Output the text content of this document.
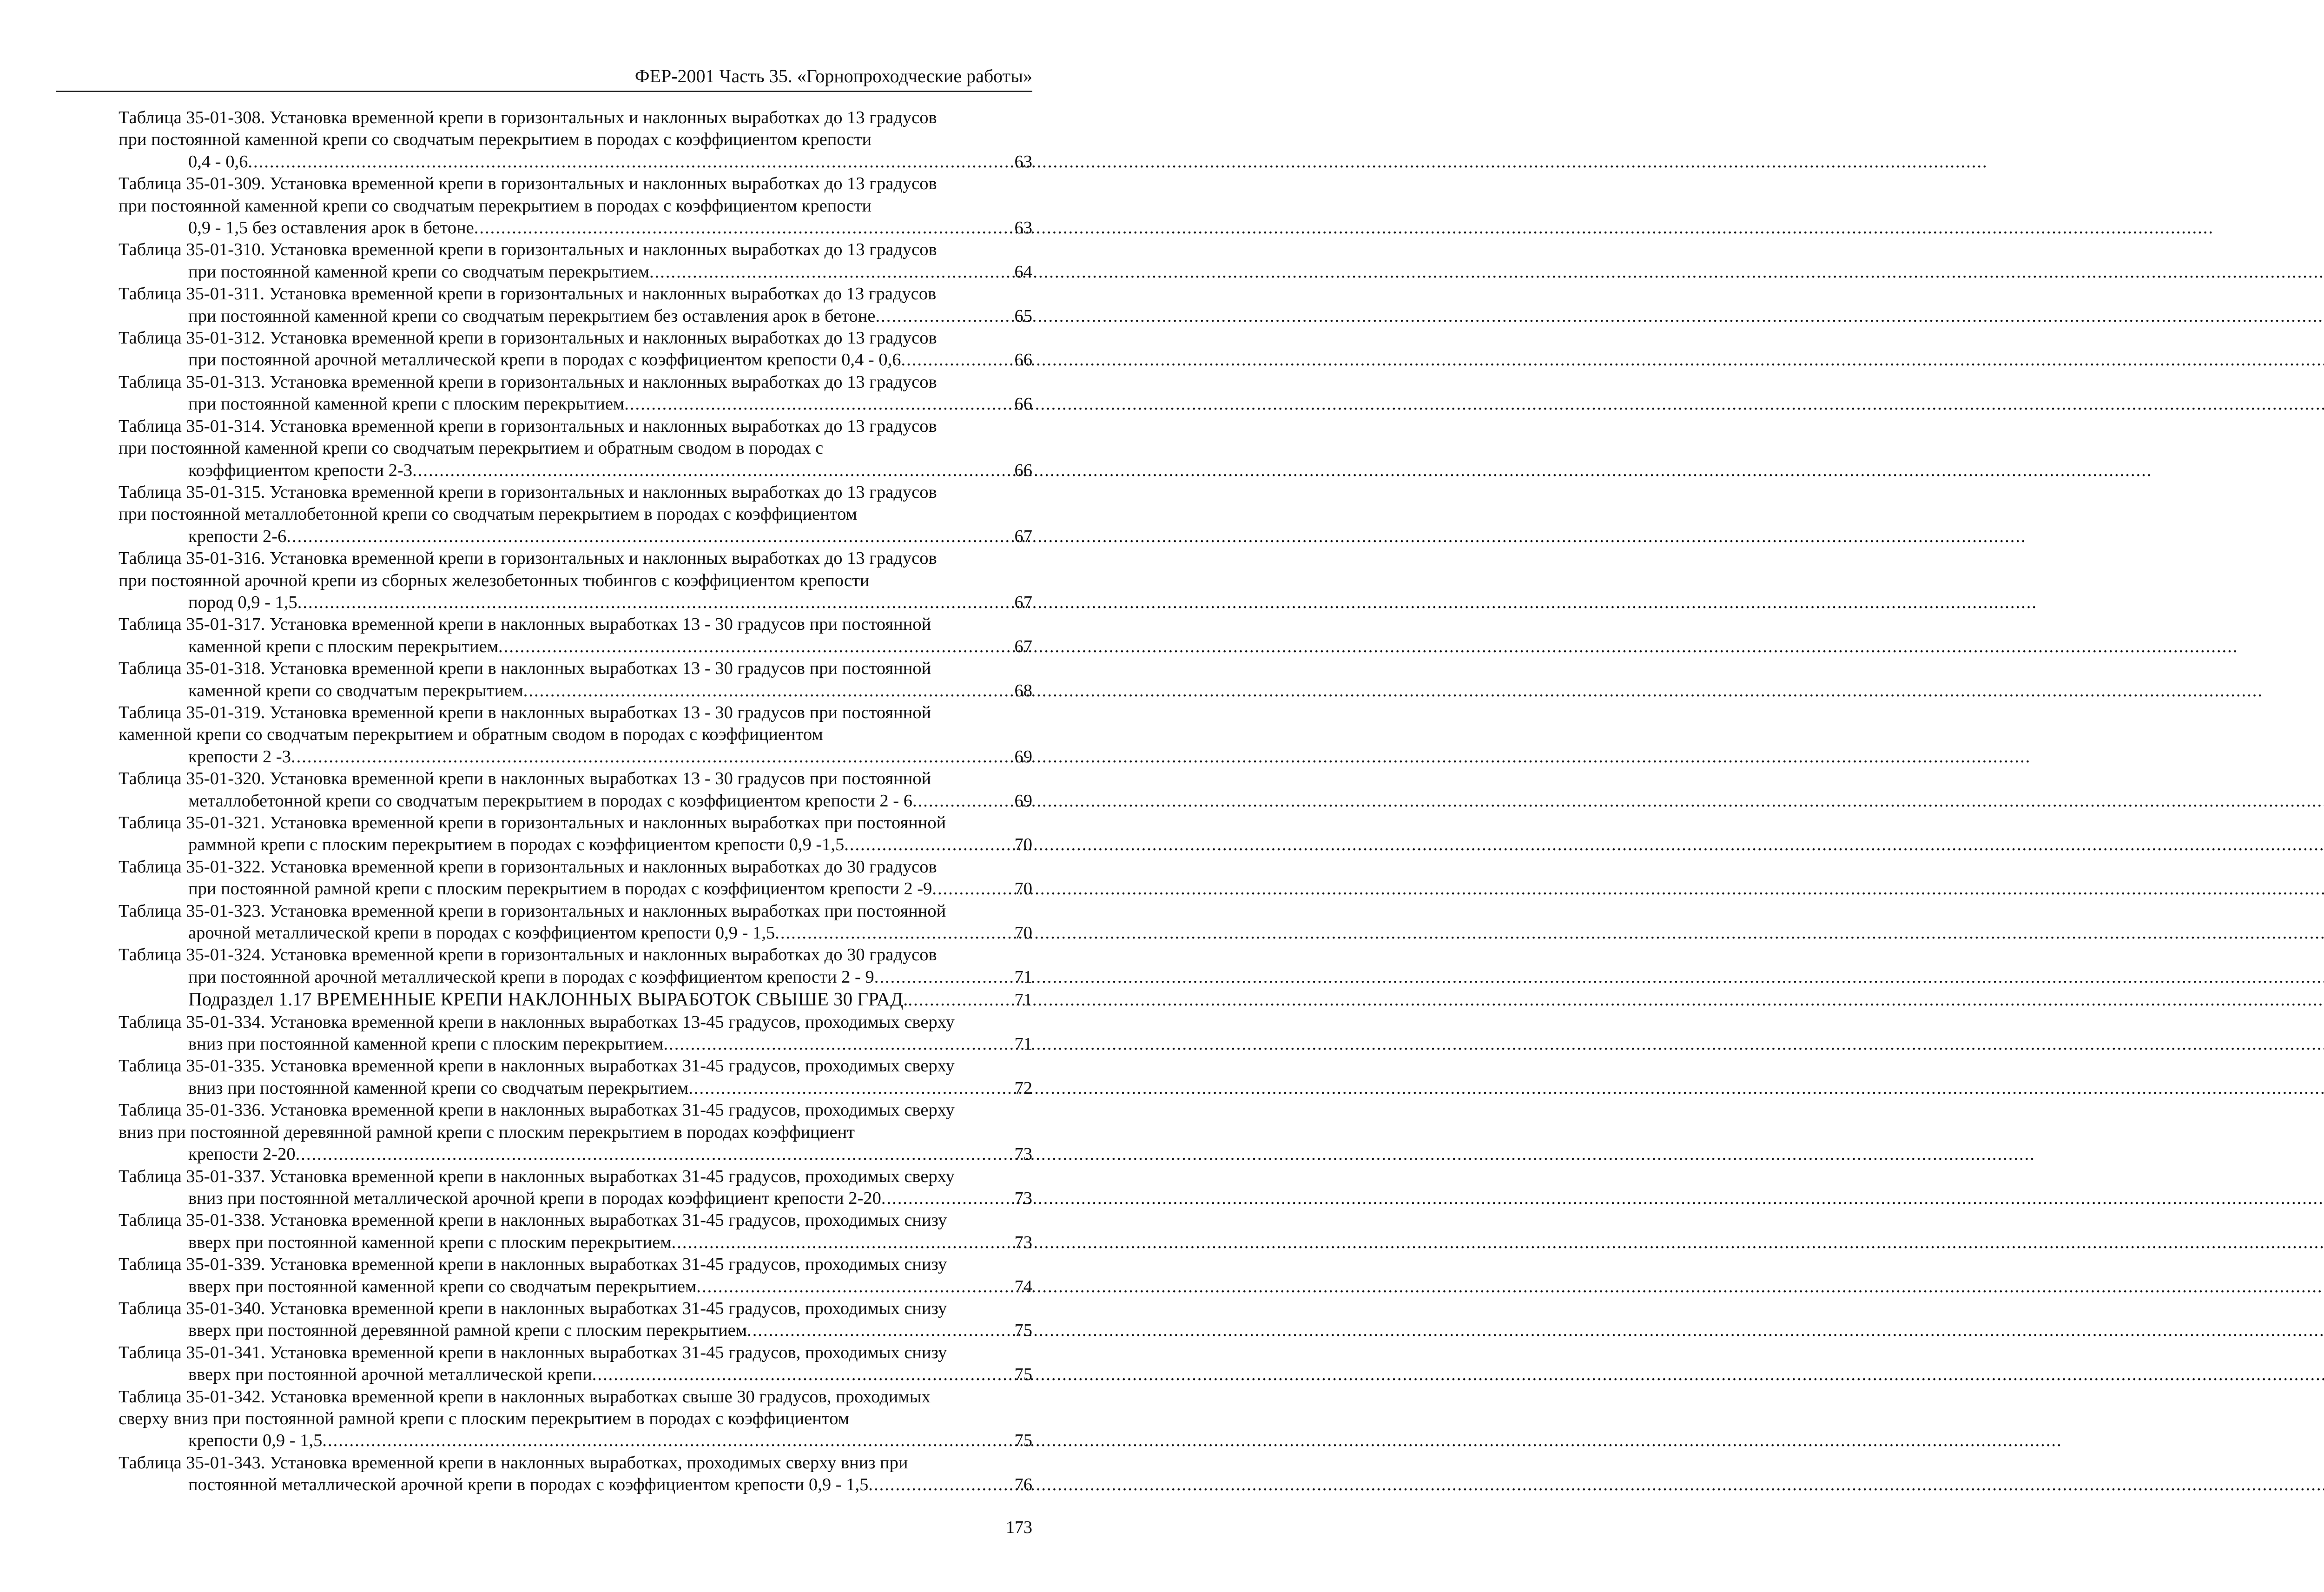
ФЕР-2001 Часть 35. «Горнопроходческие работы»
Таблица 35-01-308. Установка временной крепи в горизонтальных и наклонных выработках до 13 градусов
при постоянной каменной крепи со сводчатым перекрытием в породах с коэффициентом крепости
0,4 - 0,6 .....	63
Таблица 35-01-309. Установка временной крепи в горизонтальных и наклонных выработках до 13 градусов
при постоянной каменной крепи со сводчатым перекрытием в породах с коэффициентом крепости
0,9 - 1,5 без оставления арок в бетоне .....	63
Таблица 35-01-310. Установка временной крепи в горизонтальных и наклонных выработках до 13 градусов
при постоянной каменной крепи со сводчатым перекрытием .....	64
Таблица 35-01-311. Установка временной крепи в горизонтальных и наклонных выработках до 13 градусов
при постоянной каменной крепи со сводчатым перекрытием без оставления арок в бетоне .....	65
Таблица 35-01-312. Установка временной крепи в горизонтальных и наклонных выработках до 13 градусов
при постоянной арочной металлической крепи в породах с коэффициентом крепости 0,4 - 0,6 .....	66
Таблица 35-01-313. Установка временной крепи в горизонтальных и наклонных выработках до 13 градусов
при постоянной каменной крепи с плоским перекрытием .....	66
Таблица 35-01-314. Установка временной крепи в горизонтальных и наклонных выработках до 13 градусов
при постоянной каменной крепи со сводчатым перекрытием и обратным сводом в породах с
коэффициентом крепости 2-3 .....	66
Таблица 35-01-315. Установка временной крепи в горизонтальных и наклонных выработках до 13 градусов
при постоянной металлобетонной крепи со сводчатым перекрытием в породах с коэффициентом
крепости 2-6 .....	67
Таблица 35-01-316. Установка временной крепи в горизонтальных и наклонных выработках до 13 градусов
при постоянной арочной крепи из сборных железобетонных тюбингов с коэффициентом крепости
пород 0,9 - 1,5 .....	67
Таблица 35-01-317. Установка временной крепи в наклонных выработках 13 - 30 градусов при постоянной
каменной крепи с плоским перекрытием .....	67
Таблица 35-01-318. Установка временной крепи в наклонных выработках 13 - 30 градусов при постоянной
каменной крепи со сводчатым перекрытием .....	68
Таблица 35-01-319. Установка временной крепи в наклонных выработках 13 - 30 градусов при постоянной
каменной крепи со сводчатым перекрытием и обратным сводом в породах с коэффициентом
крепости 2 -3 .....	69
Таблица 35-01-320. Установка временной крепи в наклонных выработках 13 - 30 градусов при постоянной
металлобетонной крепи со сводчатым перекрытием в породах с коэффициентом крепости 2 - 6 .....	69
Таблица 35-01-321. Установка временной крепи в горизонтальных и наклонных выработках при постоянной
раммной крепи с плоским перекрытием в породах с коэффициентом крепости 0,9 -1,5 .....	70
Таблица 35-01-322. Установка временной крепи в горизонтальных и наклонных выработках до 30 градусов
при постоянной рамной крепи с плоским перекрытием в породах с коэффициентом крепости 2 -9 .....	70
Таблица 35-01-323. Установка временной крепи в горизонтальных и наклонных выработках при постоянной
арочной металлической крепи в породах с коэффициентом крепости 0,9 - 1,5 .....	70
Таблица 35-01-324. Установка временной крепи в горизонтальных и наклонных выработках до 30 градусов
при постоянной арочной металлической крепи в породах с коэффициентом крепости 2 - 9 .....	71
Подраздел 1.17 ВРЕМЕННЫЕ КРЕПИ НАКЛОННЫХ ВЫРАБОТОК СВЫШЕ 30 ГРАД. .....	71
Таблица 35-01-334. Установка временной крепи в наклонных выработках 13-45 градусов, проходимых сверху
вниз при постоянной каменной крепи с плоским перекрытием .....	71
Таблица 35-01-335. Установка временной крепи в наклонных выработках 31-45 градусов, проходимых сверху
вниз при постоянной каменной крепи со сводчатым перекрытием .....	72
Таблица 35-01-336. Установка временной крепи в наклонных выработках 31-45 градусов, проходимых сверху
вниз при постоянной деревянной рамной крепи с плоским перекрытием в породах коэффициент
крепости 2-20 .....	73
Таблица 35-01-337. Установка временной крепи в наклонных выработках 31-45 градусов, проходимых сверху
вниз при постоянной металлической арочной крепи в породах коэффициент крепости 2-20 .....	73
Таблица 35-01-338. Установка временной крепи в наклонных выработках 31-45 градусов, проходимых снизу
вверх при постоянной каменной крепи с плоским перекрытием .....	73
Таблица 35-01-339. Установка временной крепи в наклонных выработках 31-45 градусов, проходимых снизу
вверх при постоянной каменной крепи со сводчатым перекрытием .....	74
Таблица 35-01-340. Установка временной крепи в наклонных выработках 31-45 градусов, проходимых снизу
вверх при постоянной деревянной рамной крепи с плоским перекрытием .....	75
Таблица 35-01-341. Установка временной крепи в наклонных выработках 31-45 градусов, проходимых снизу
вверх при постоянной арочной металлической крепи .....	75
Таблица 35-01-342. Установка временной крепи в наклонных выработках свыше 30 градусов, проходимых
сверху вниз при постоянной рамной крепи с плоским перекрытием в породах с коэффициентом
крепости 0,9 - 1,5 .....	75
Таблица 35-01-343. Установка временной крепи в наклонных выработках, проходимых сверху вниз при
постоянной металлической арочной крепи в породах с коэффициентом крепости 0,9 - 1,5 .....	76
173
